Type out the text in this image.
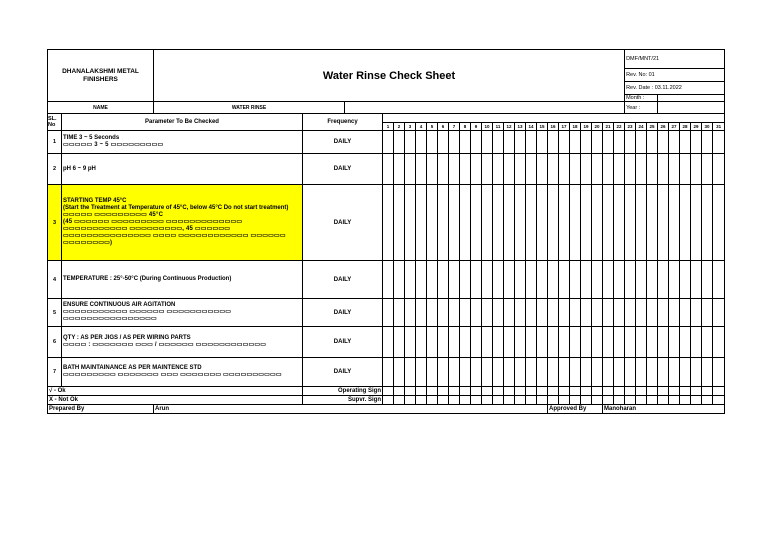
DHANALAKSHMI METAL
FINISHERS		Water Rinse Check Sheet																									DMF/MNT/21								
																											Rev. No: 01								
																											Rev. Date : 03.11.2022								
																											Month :								
NAME		WATER RINSE																									Year :								
SL. No	Parameter To Be Checked		Frequency																																
					1	2	3	4	5	6	7	8	9	10	11	12	13	14	15	16	17	18	19	20	21	22	23	24	25	26	27	28	29	30	31
1	TIME 3 ~ 5 Seconds
▭▭▭▭▭ 3 ~ 5 ▭▭▭▭▭▭▭▭▭		DAILY																																
2	pH 6 ~ 9 pH		DAILY																																
3	STARTING TEMP 45°C
(Start the Treatment at Temperature of 45°C, below 45°C Do not start treatment)
▭▭▭▭▭ ▭▭▭▭▭▭▭▭▭ 45°C
(45 ▭▭▭▭▭▭ ▭▭▭▭▭▭▭▭▭ ▭▭▭▭▭▭▭▭▭▭▭▭▭ ▭▭▭▭▭▭▭▭▭▭▭ ▭▭▭▭▭▭▭▭▭, 45 ▭▭▭▭▭▭ ▭▭▭▭▭▭▭▭▭▭▭▭▭▭▭ ▭▭▭▭ ▭▭▭▭▭▭▭▭▭▭▭▭ ▭▭▭▭▭▭ ▭▭▭▭▭▭▭▭)		DAILY																																
4	TEMPERATURE : 25°-50°C (During Continuous Production)		DAILY																																
5	ENSURE CONTINUOUS AIR AGITATION
▭▭▭▭▭▭▭▭▭▭▭ ▭▭▭▭▭▭ ▭▭▭▭▭▭▭▭▭▭▭ ▭▭▭▭▭▭▭▭▭▭▭▭▭▭▭▭		DAILY																																
6	QTY : AS PER JIGS / AS PER WIRING PARTS
▭▭▭▭ : ▭▭▭▭▭▭▭ ▭▭▭ / ▭▭▭▭▭▭ ▭▭▭▭▭▭▭▭▭▭▭▭		DAILY																																
7	BATH MAINTAINANCE AS PER MAINTENCE STD
▭▭▭▭▭▭▭▭▭ ▭▭▭▭▭▭▭ ▭▭▭ ▭▭▭▭▭▭▭ ▭▭▭▭▭▭▭▭▭▭		DAILY																																
√ - Ok			Operating Sign																																
X - Not Ok			Supvr. Sign																																
Prepared By		Arun																		Approved By					Manoharan										
